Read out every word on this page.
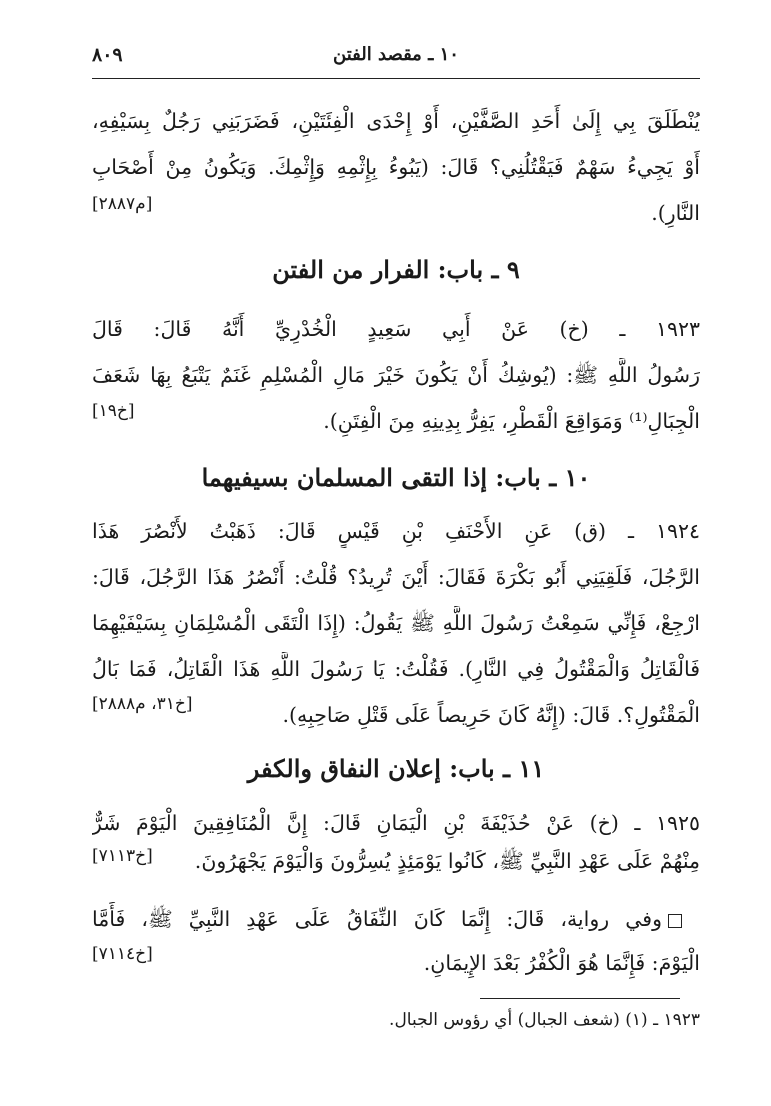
١٠ ـ مقصد الفتن
٨٠٩
يُنْطَلَقَ بِي إِلَىٰ أَحَدِ الصَّفَّيْنِ، أَوْ إِحْدَى الْفِئَتَيْنِ، فَضَرَبَنِي رَجُلٌ بِسَيْفِهِ،
أَوْ يَجِيءُ سَهْمٌ فَيَقْتُلُنِي؟ قَالَ: (يَبُوءُ بِإِثْمِهِ وَإِثْمِكَ. وَيَكُونُ مِنْ أَصْحَابِ
النَّارِ).
[م٢٨٨٧]
٩ ـ باب: الفرار من الفتن
١٩٢٣ ـ (خ) عَنْ أَبِي سَعِيدٍ الْخُدْرِيِّ أَنَّهُ قَالَ: قَالَ
رَسُولُ اللَّهِ ﷺ: (يُوشِكُ أَنْ يَكُونَ خَيْرَ مَالِ الْمُسْلِمِ غَنَمٌ يَتْبَعُ بِهَا شَعَفَ
الْجِبَالِ⁽¹⁾ وَمَوَاقِعَ الْقَطْرِ، يَفِرُّ بِدِينِهِ مِنَ الْفِتَنِ).
[خ١٩]
١٠ ـ باب: إذا التقى المسلمان بسيفيهما
١٩٢٤ ـ (ق) عَنِ الأَحْنَفِ بْنِ قَيْسٍ قَالَ: ذَهَبْتُ لأَنْصُرَ هَذَا
الرَّجُلَ، فَلَقِيَنِي أَبُو بَكْرَةَ فَقَالَ: أَيْنَ تُرِيدُ؟ قُلْتُ: أَنْصُرُ هَذَا الرَّجُلَ، قَالَ:
ارْجِعْ، فَإِنِّي سَمِعْتُ رَسُولَ اللَّهِ ﷺ يَقُولُ: (إِذَا الْتَقَى الْمُسْلِمَانِ بِسَيْفَيْهِمَا
فَالْقَاتِلُ وَالْمَقْتُولُ فِي النَّارِ). فَقُلْتُ: يَا رَسُولَ اللَّهِ هَذَا الْقَاتِلُ، فَمَا بَالُ
الْمَقْتُولِ؟. قَالَ: (إِنَّهُ كَانَ حَرِيصاً عَلَى قَتْلِ صَاحِبِهِ).
[خ٣١، م٢٨٨٨]
١١ ـ باب: إعلان النفاق والكفر
١٩٢٥ ـ (خ) عَنْ حُذَيْفَةَ بْنِ الْيَمَانِ قَالَ: إِنَّ الْمُنَافِقِينَ الْيَوْمَ شَرٌّ
مِنْهُمْ عَلَى عَهْدِ النَّبِيِّ ﷺ، كَانُوا يَوْمَئِذٍ يُسِرُّونَ وَالْيَوْمَ يَجْهَرُونَ.
[خ٧١١٣]
وفي رواية، قَالَ: إِنَّمَا كَانَ النِّفَاقُ عَلَى عَهْدِ النَّبِيِّ ﷺ، فَأَمَّا
الْيَوْمَ: فَإِنَّمَا هُوَ الْكُفْرُ بَعْدَ الإِيمَانِ.
[خ٧١١٤]
١٩٢٣ ـ (١) (شعف الجبال) أي رؤوس الجبال.
